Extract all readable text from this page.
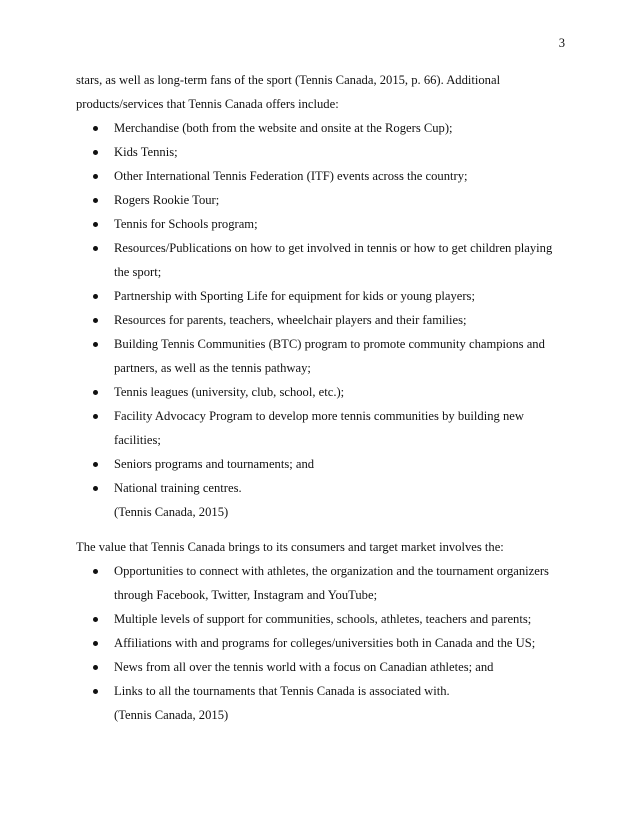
3

stars, as well as long-term fans of the sport (Tennis Canada, 2015, p. 66). Additional products/services that Tennis Canada offers include:

Merchandise (both from the website and onsite at the Rogers Cup);
Kids Tennis;
Other International Tennis Federation (ITF) events across the country;
Rogers Rookie Tour;
Tennis for Schools program;
Resources/Publications on how to get involved in tennis or how to get children playing the sport;
Partnership with Sporting Life for equipment for kids or young players;
Resources for parents, teachers, wheelchair players and their families;
Building Tennis Communities (BTC) program to promote community champions and partners, as well as the tennis pathway;
Tennis leagues (university, club, school, etc.);
Facility Advocacy Program to develop more tennis communities by building new facilities;
Seniors programs and tournaments; and
National training centres.
(Tennis Canada, 2015)

The value that Tennis Canada brings to its consumers and target market involves the:

Opportunities to connect with athletes, the organization and the tournament organizers through Facebook, Twitter, Instagram and YouTube;
Multiple levels of support for communities, schools, athletes, teachers and parents;
Affiliations with and programs for colleges/universities both in Canada and the US;
News from all over the tennis world with a focus on Canadian athletes; and
Links to all the tournaments that Tennis Canada is associated with.
(Tennis Canada, 2015)
